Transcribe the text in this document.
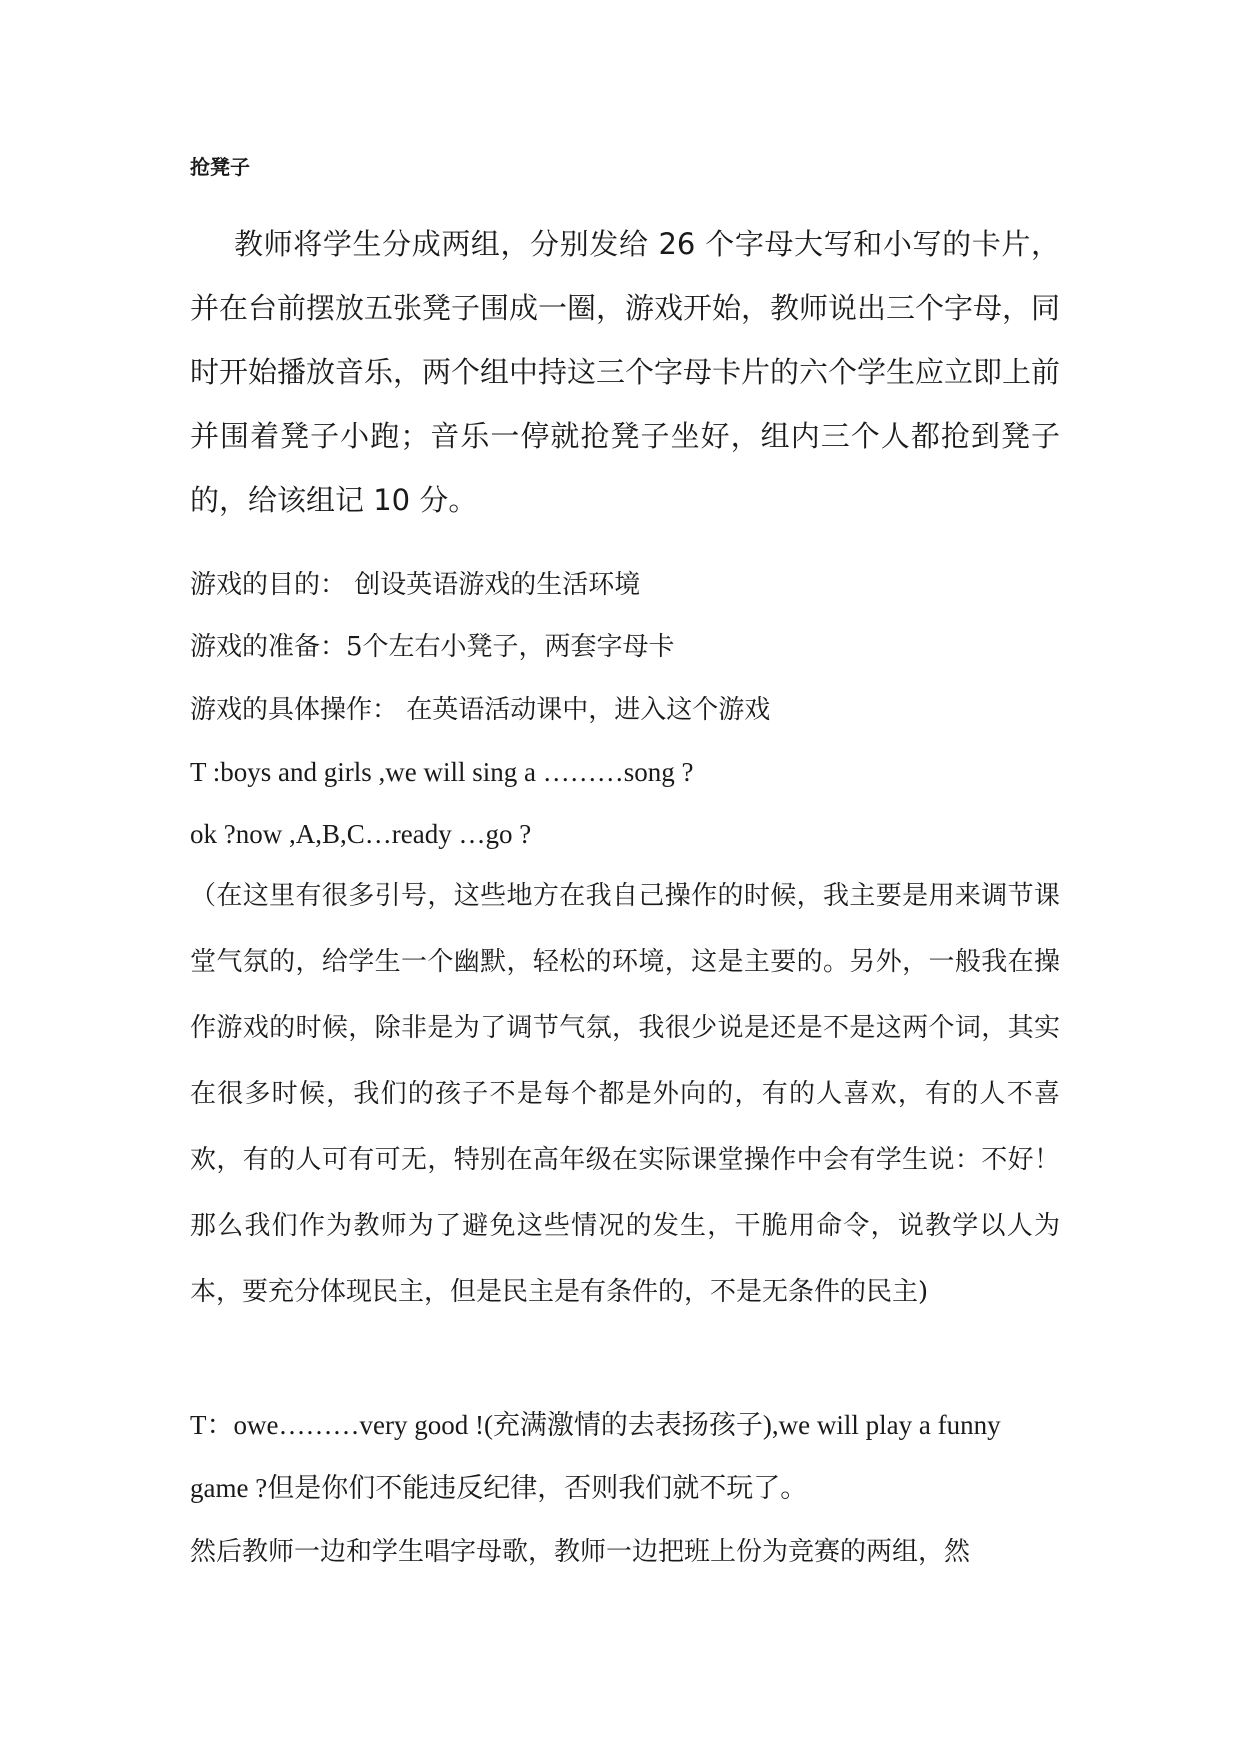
抢凳子

教师将学生分成两组，分别发给 26 个字母大写和小写的卡片，并在台前摆放五张凳子围成一圈，游戏开始，教师说出三个字母，同时开始播放音乐，两个组中持这三个字母卡片的六个学生应立即上前并围着凳子小跑；音乐一停就抢凳子坐好，组内三个人都抢到凳子的，给该组记 10 分。

游戏的目的： 创设英语游戏的生活环境

游戏的准备：5个左右小凳子，两套字母卡

游戏的具体操作： 在英语活动课中，进入这个游戏

T :boys and girls ,we will sing a ………song ?

ok ?now ,A,B,C…ready …go ?

（在这里有很多引号，这些地方在我自己操作的时候，我主要是用来调节课堂气氛的，给学生一个幽默，轻松的环境，这是主要的。另外，一般我在操作游戏的时候，除非是为了调节气氛，我很少说是还是不是这两个词，其实在很多时候，我们的孩子不是每个都是外向的，有的人喜欢，有的人不喜欢，有的人可有可无，特别在高年级在实际课堂操作中会有学生说：不好！那么我们作为教师为了避免这些情况的发生，干脆用命令，说教学以人为本，要充分体现民主，但是民主是有条件的，不是无条件的民主)

T：owe………very good !(充满激情的去表扬孩子),we will play a funny

game ?但是你们不能违反纪律，否则我们就不玩了。

然后教师一边和学生唱字母歌，教师一边把班上份为竞赛的两组，然
